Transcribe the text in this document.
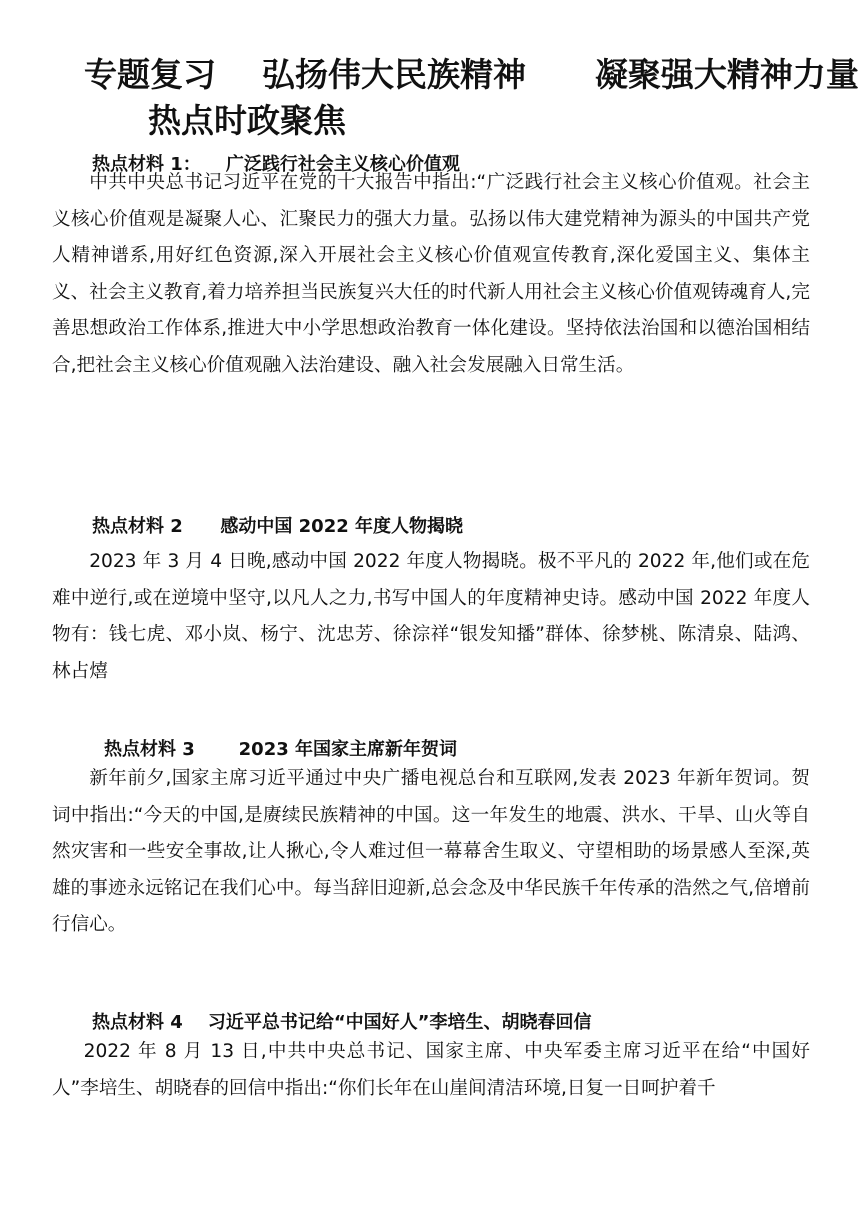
专题复习    弘扬伟大民族精神      凝聚强大精神力量
热点时政聚焦
热点材料 1：    广泛践行社会主义核心价值观

中共中央总书记习近平在党的十大报告中指出:“广泛践行社会主义核心价值观。社会主义核心价值观是凝聚人心、汇聚民力的强大力量。弘扬以伟大建党精神为源头的中国共产党人精神谱系,用好红色资源,深入开展社会主义核心价值观宣传教育,深化爱国主义、集体主义、社会主义教育,着力培养担当民族复兴大任的时代新人用社会主义核心价值观铸魂育人,完善思想政治工作体系,推进大中小学思想政治教育一体化建设。坚持依法治国和以德治国相结合,把社会主义核心价值观融入法治建设、融入社会发展融入日常生活。

热点材料 2      感动中国 2022 年度人物揭晓

2023 年 3 月 4 日晚,感动中国 2022 年度人物揭晓。极不平凡的 2022 年,他们或在危难中逆行,或在逆境中坚守,以凡人之力,书写中国人的年度精神史诗。感动中国 2022 年度人物有：钱七虎、邓小岚、杨宁、沈忠芳、徐淙祥“银发知播”群体、徐梦桃、陈清泉、陆鸿、林占熺

热点材料 3       2023 年国家主席新年贺词

新年前夕,国家主席习近平通过中央广播电视总台和互联网,发表 2023 年新年贺词。贺词中指出:“今天的中国,是赓续民族精神的中国。这一年发生的地震、洪水、干旱、山火等自然灾害和一些安全事故,让人揪心,令人难过但一幕幕舍生取义、守望相助的场景感人至深,英雄的事迹永远铭记在我们心中。每当辞旧迎新,总会念及中华民族千年传承的浩然之气,倍增前行信心。

热点材料 4    习近平总书记给“中国好人”李培生、胡晓春回信

2022 年 8 月 13 日,中共中央总书记、国家主席、中央军委主席习近平在给“中国好人”李培生、胡晓春的回信中指出:“你们长年在山崖间清洁环境,日复一日呵护着千
